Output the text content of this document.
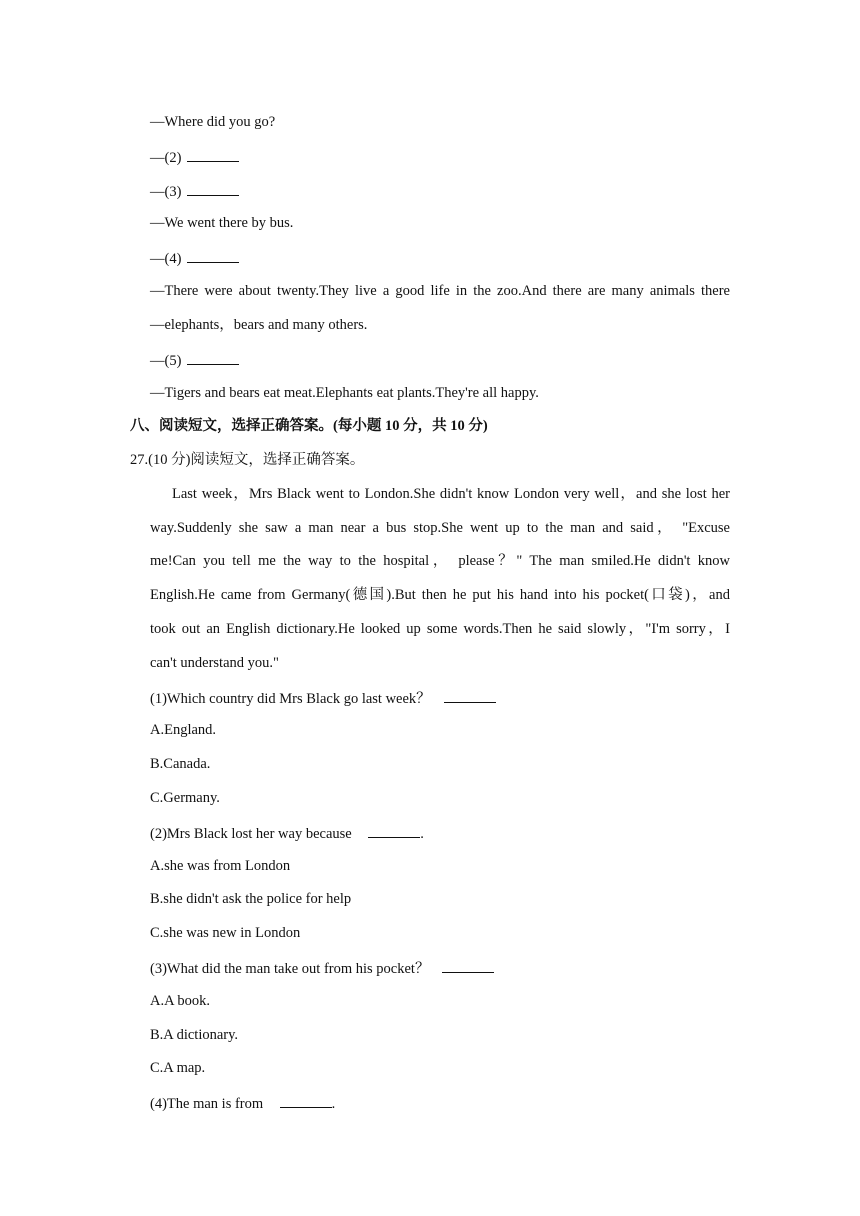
—Where did you go?
—(2)
—(3)
—We went there by bus.
—(4)
—There were about twenty.They live a good life in the zoo.And there are many animals there
—elephants，bears and many others.
—(5)
—Tigers and bears eat meat.Elephants eat plants.They're all happy.
八、阅读短文，选择正确答案。(每小题 10 分，共 10 分)
27.(10 分)阅读短文，选择正确答案。
Last week，Mrs Black went to London.She didn't know London very well，and she lost her
way.Suddenly she saw a man near a bus stop.She went up to the man and said， "Excuse
me!Can you tell me the way to the hospital， please？" The man smiled.He didn't know
English.He came from Germany(德国).But then he put his hand into his pocket(口袋)，and
took out an English dictionary.He looked up some words.Then he said slowly，"I'm sorry，I
can't understand you."
(1)Which country did Mrs Black go last week？
A.England.
B.Canada.
C.Germany.
(2)Mrs Black lost her way because	.
A.she was from London
B.she didn't ask the police for help
C.she was new in London
(3)What did the man take out from his pocket？
A.A book.
B.A dictionary.
C.A map.
(4)The man is from	.
